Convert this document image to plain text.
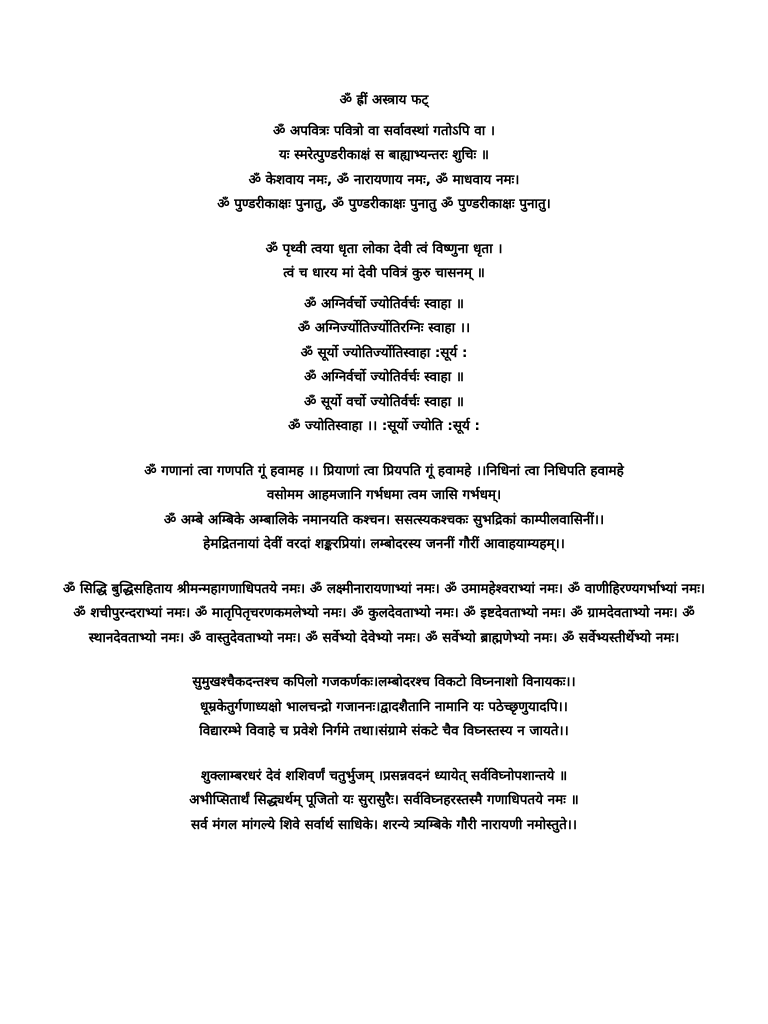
ॐ ह्रीं अस्त्राय फट्
ॐ अपवित्रः पवित्रो वा सर्वावस्थां गतोऽपि वा ।
यः स्मरेत्पुण्डरीकाक्षं स बाह्याभ्यन्तरः शुचिः ॥
ॐ केशवाय नमः, ॐ नारायणाय नमः, ॐ माधवाय नमः।
ॐ पुण्डरीकाक्षः पुनातु, ॐ पुण्डरीकाक्षः पुनातु ॐ पुण्डरीकाक्षः पुनातु।
ॐ पृथ्वी त्वया धृता लोका देवी त्वं विष्णुना धृता ।
त्वं च धारय मां देवी पवित्रं कुरु चासनम् ॥
ॐ अग्निर्वर्चो ज्योतिर्वर्चः स्वाहा ॥
ॐ अग्निर्ज्योतिर्ज्योतिरग्निः स्वाहा ।।
ॐ सूर्यो ज्योतिर्ज्योतिस्वाहा :सूर्य :
ॐ अग्निर्वर्चो ज्योतिर्वर्चः स्वाहा ॥
ॐ सूर्यो वर्चो ज्योतिर्वर्चः स्वाहा ॥
ॐ ज्योतिस्वाहा ।। :सूर्यो ज्योति :सूर्य :
ॐ गणानां त्वा गणपति गूं हवामह ।। प्रियाणां त्वा प्रियपति गूं हवामहे ।।निधिनां त्वा निधिपति हवामहे
वसोमम आहमजानि गर्भधमा त्वम जासि गर्भधम्।
ॐ अम्बे अम्बिके अम्बालिके नमानयति कश्चन। ससत्स्यकश्चकः सुभद्रिकां काम्पीलवासिनीं।।
हेमद्रितनायां देवीं वरदां शङ्करप्रियां। लम्बोदरस्य जननीं गौरीं आवाहयाम्यहम्।।
ॐ सिद्धि बुद्धिसहिताय श्रीमन्महागणाधिपतये नमः। ॐ लक्ष्मीनारायणाभ्यां नमः। ॐ उमामहेश्वराभ्यां नमः। ॐ वाणीहिरण्यगर्भाभ्यां नमः। ॐ शचीपुरन्दराभ्यां नमः। ॐ मातृपितृचरणकमलेभ्यो नमः। ॐ कुलदेवताभ्यो नमः। ॐ इष्टदेवताभ्यो नमः। ॐ ग्रामदेवताभ्यो नमः। ॐ स्थानदेवताभ्यो नमः। ॐ वास्तुदेवताभ्यो नमः। ॐ सर्वेभ्यो देवेभ्यो नमः। ॐ सर्वेभ्यो ब्राह्मणेभ्यो नमः। ॐ सर्वेभ्यस्तीर्थेभ्यो नमः।
सुमुखश्चैकदन्तश्च कपिलो गजकर्णकः।लम्बोदरश्च विकटो विघ्ननाशो विनायकः।।
धूम्रकेतुर्गणाध्यक्षो भालचन्द्रो गजाननः।द्वादशैतानि नामानि यः पठेच्छृणुयादपि।।
विद्यारम्भे विवाहे च प्रवेशे निर्गमे तथा।संग्रामे संकटे चैव विघ्नस्तस्य न जायते।।
शुक्लाम्बरधरं देवं शशिवर्णं चतुर्भुजम् ।प्रसन्नवदनं ध्यायेत् सर्वविघ्नोपशान्तये ॥
अभीप्सितार्थं सिद्ध्यर्थम् पूजितो यः सुरासुरैः। सर्वविघ्नहरस्तस्मै गणाधिपतये नमः ॥
सर्व मंगल मांगल्ये शिवे सर्वार्थ साधिके। शरन्ये त्र्यम्बिके गौरी नारायणी नमोस्तुते।।
